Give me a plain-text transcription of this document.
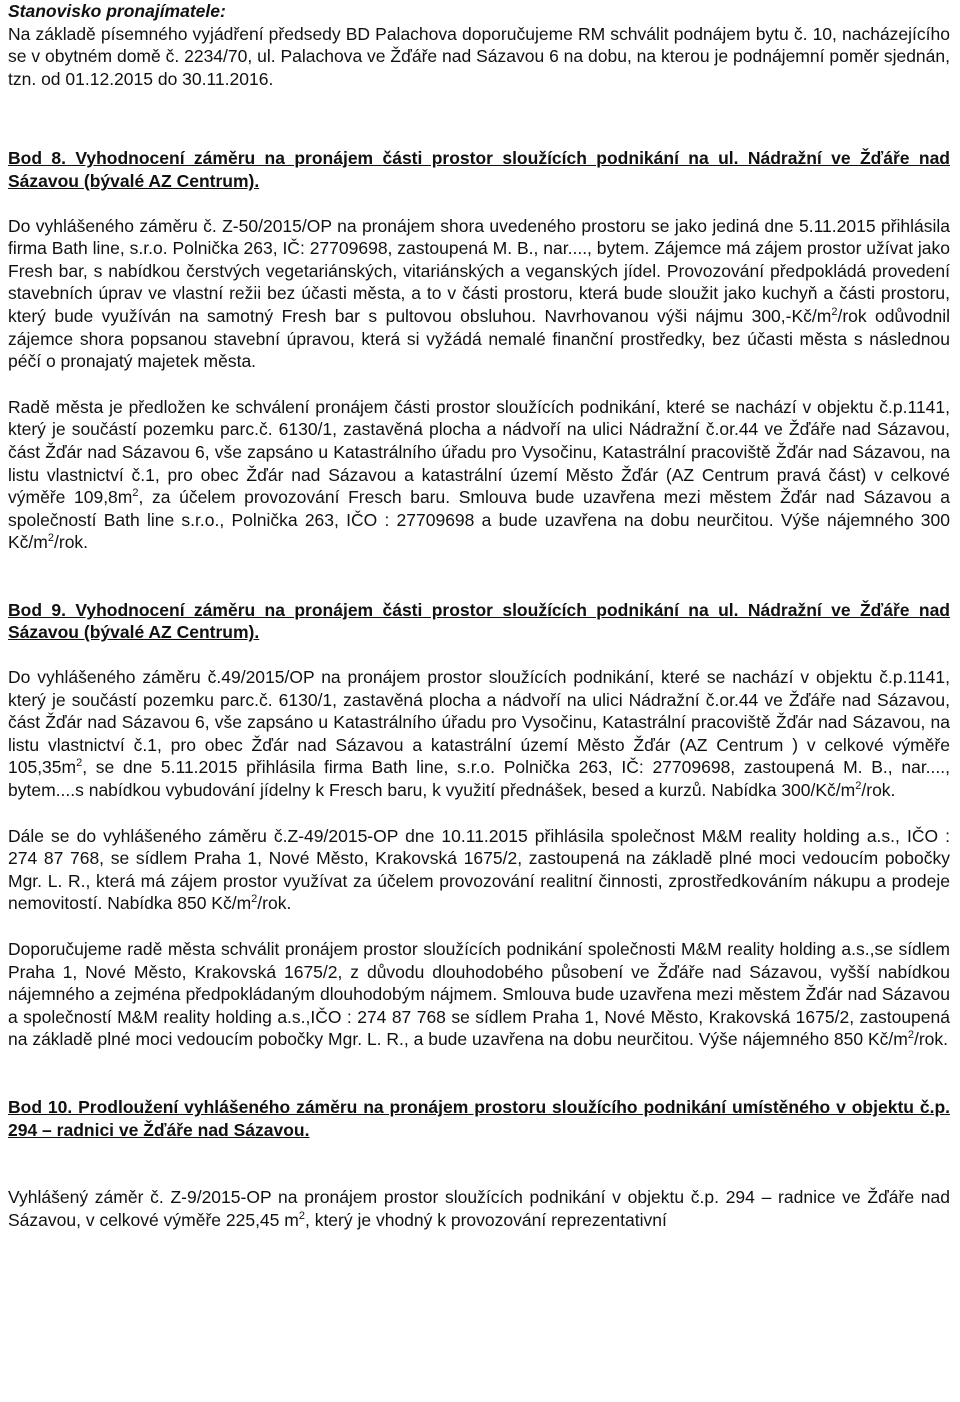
Stanovisko pronajímatele:

Na základě písemného vyjádření předsedy BD Palachova doporučujeme RM schválit podnájem bytu č. 10, nacházejícího se v obytném domě č. 2234/70, ul. Palachova ve Žďáře nad Sázavou 6 na dobu, na kterou je podnájemní poměr sjednán, tzn. od 01.12.2015 do 30.11.2016.

Bod 8. Vyhodnocení záměru na pronájem části prostor sloužících podnikání na ul. Nádražní ve Žďáře nad Sázavou (bývalé AZ Centrum).

Do vyhlášeného záměru č. Z-50/2015/OP na pronájem shora uvedeného prostoru se jako jediná dne 5.11.2015 přihlásila firma Bath line, s.r.o. Polnička 263, IČ: 27709698, zastoupená M. B., nar...., bytem. Zájemce má zájem prostor užívat jako Fresh bar, s nabídkou čerstvých vegetariánských, vitariánských a veganských jídel. Provozování předpokládá provedení stavebních úprav ve vlastní režii bez účasti města, a to v části prostoru, která bude sloužit jako kuchyň a části prostoru, který bude využíván na samotný Fresh bar s pultovou obsluhou. Navrhovanou výši nájmu $300,-Kč/m^2$/rok odůvodnil zájemce shora popsanou stavební úpravou, která si vyžádá nemalé finanční prostředky, bez účasti města s následnou péčí o pronajatý majetek města.

Radě města je předložen ke schválení pronájem části prostor sloužících podnikání, které se nachází v objektu č.p.1141, který je součástí pozemku parc.č. 6130/1, zastavěná plocha a nádvoří na ulici Nádražní č.or.44 ve Žďáře nad Sázavou, část Žďár nad Sázavou 6, vše zapsáno u Katastrálního úřadu pro Vysočinu, Katastrální pracoviště Žďár nad Sázavou, na listu vlastnictví č.1, pro obec Žďár nad Sázavou a katastrální území Město Žďár (AZ Centrum pravá část) v celkové výměře $109,8m^2$, za účelem provozování Fresch baru. Smlouva bude uzavřena mezi městem Žďár nad Sázavou a společností Bath line s.r.o., Polnička 263, IČO : 27709698 a bude uzavřena na dobu neurčitou. Výše nájemného 300 $Kč/m^2$/rok.

Bod 9. Vyhodnocení záměru na pronájem části prostor sloužících podnikání na ul. Nádražní ve Žďáře nad Sázavou (bývalé AZ Centrum).

Do vyhlášeného záměru č.49/2015/OP na pronájem prostor sloužících podnikání, které se nachází v objektu č.p.1141, který je součástí pozemku parc.č. 6130/1, zastavěná plocha a nádvoří na ulici Nádražní č.or.44 ve Žďáře nad Sázavou, část Žďár nad Sázavou 6, vše zapsáno u Katastrálního úřadu pro Vysočinu, Katastrální pracoviště Žďár nad Sázavou, na listu vlastnictví č.1, pro obec Žďár nad Sázavou a katastrální území Město Žďár (AZ Centrum ) v celkové výměře $105,35m^2$, se dne 5.11.2015 přihlásila firma Bath line, s.r.o. Polnička 263, IČ: 27709698, zastoupená M. B., nar...., bytem....s nabídkou vybudování jídelny k Fresch baru, k využití přednášek, besed a kurzů. Nabídka $300/Kč/m^2$/rok.

Dále se do vyhlášeného záměru č.Z-49/2015-OP dne 10.11.2015 přihlásila společnost M&M reality holding a.s., IČO : 274 87 768, se sídlem Praha 1, Nové Město, Krakovská 1675/2, zastoupená na základě plné moci vedoucím pobočky Mgr. L. R., která má zájem prostor využívat za účelem provozování realitní činnosti, zprostředkováním nákupu a prodeje nemovitostí. Nabídka 850 $Kč/m^2$/rok.

Doporučujeme radě města schválit pronájem prostor sloužících podnikání společnosti M&M reality holding a.s.,se sídlem Praha 1, Nové Město, Krakovská 1675/2, z důvodu dlouhodobého působení ve Žďáře nad Sázavou, vyšší nabídkou nájemného a zejména předpokládaným dlouhodobým nájmem. Smlouva bude uzavřena mezi městem Žďár nad Sázavou a společností M&M reality holding a.s.,IČO : 274 87 768 se sídlem Praha 1, Nové Město, Krakovská 1675/2, zastoupená na základě plné moci vedoucím pobočky Mgr. L. R., a bude uzavřena na dobu neurčitou. Výše nájemného 850 $Kč/m^2$/rok.

Bod 10. Prodloužení vyhlášeného záměru na pronájem prostoru sloužícího podnikání umístěného v objektu č.p. 294 – radnici ve Žďáře nad Sázavou.

Vyhlášený záměr č. Z-9/2015-OP na pronájem prostor sloužících podnikání v objektu č.p. 294 – radnice ve Žďáře nad Sázavou, v celkové výměře 225,45 $m^2$, který je vhodný k provozování reprezentativní
